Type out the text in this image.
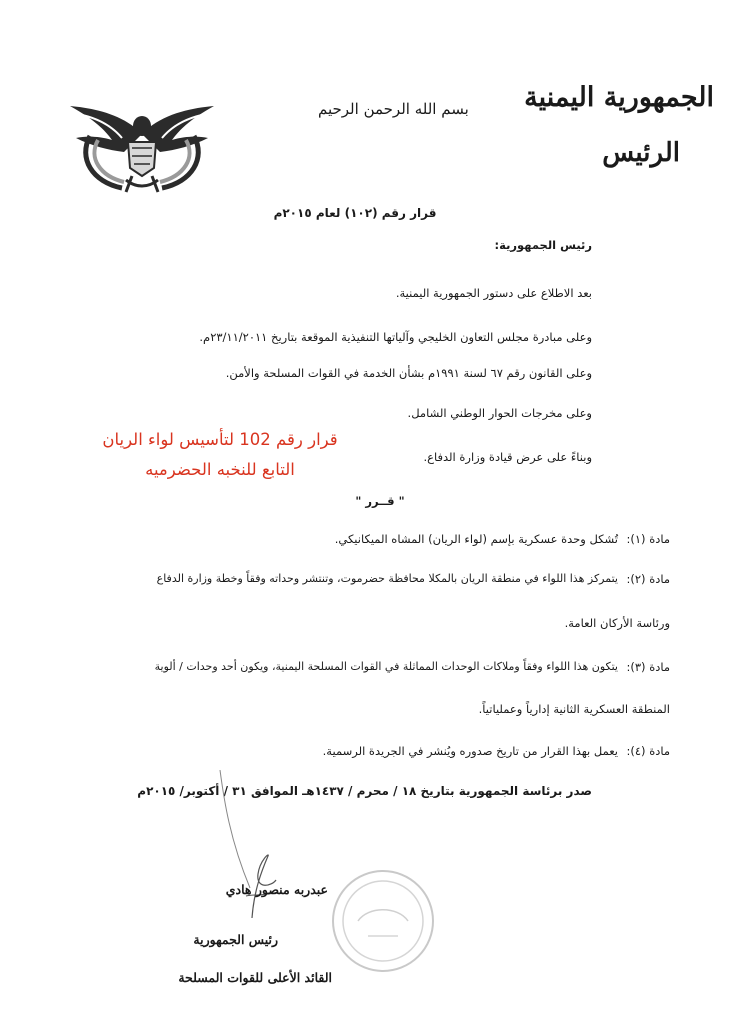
الجمهورية اليمنية
الرئيس
بسم الله الرحمن الرحيم
قرار رقم (١٠٢) لعام ٢٠١٥م
رئيس الجمهورية:
بعد الاطلاع على دستور الجمهورية اليمنية.
وعلى مبادرة مجلس التعاون الخليجي وآلياتها التنفيذية الموقعة بتاريخ ٢٣/١١/٢٠١١م.
وعلى القانون رقم ٦٧ لسنة ١٩٩١م بشأن الخدمة في القوات المسلحة والأمن.
وعلى مخرجات الحوار الوطني الشامل.
وبناءً على عرض قيادة وزارة الدفاع.
قرار رقم 102 لتأسيس لواء الريان
التابع للنخبه الحضرميه
" قــرر "
مادة (١):
تُشكل وحدة عسكرية بإسم (لواء الريان) المشاه الميكانيكي.
مادة (٢):
يتمركز هذا اللواء في منطقة الريان بالمكلا محافظة حضرموت، وتنتشر وحداته وفقاً وخطة وزارة الدفاع
ورئاسة الأركان العامة.
مادة (٣):
يتكون هذا اللواء وفقاً وملاكات الوحدات المماثلة في القوات المسلحة اليمنية، ويكون أحد وحدات / ألوية
المنطقة العسكرية الثانية إدارياً وعملياتياً.
مادة (٤):
يعمل بهذا القرار من تاريخ صدوره ويُنشر في الجريدة الرسمية.
صدر برئاسة الجمهورية بتاريخ ١٨ / محرم / ١٤٣٧هـ الموافق ٣١ / أكتوبر/ ٢٠١٥م
عبدربه منصور هادي
رئيس الجمهورية
القائد الأعلى للقوات المسلحة
